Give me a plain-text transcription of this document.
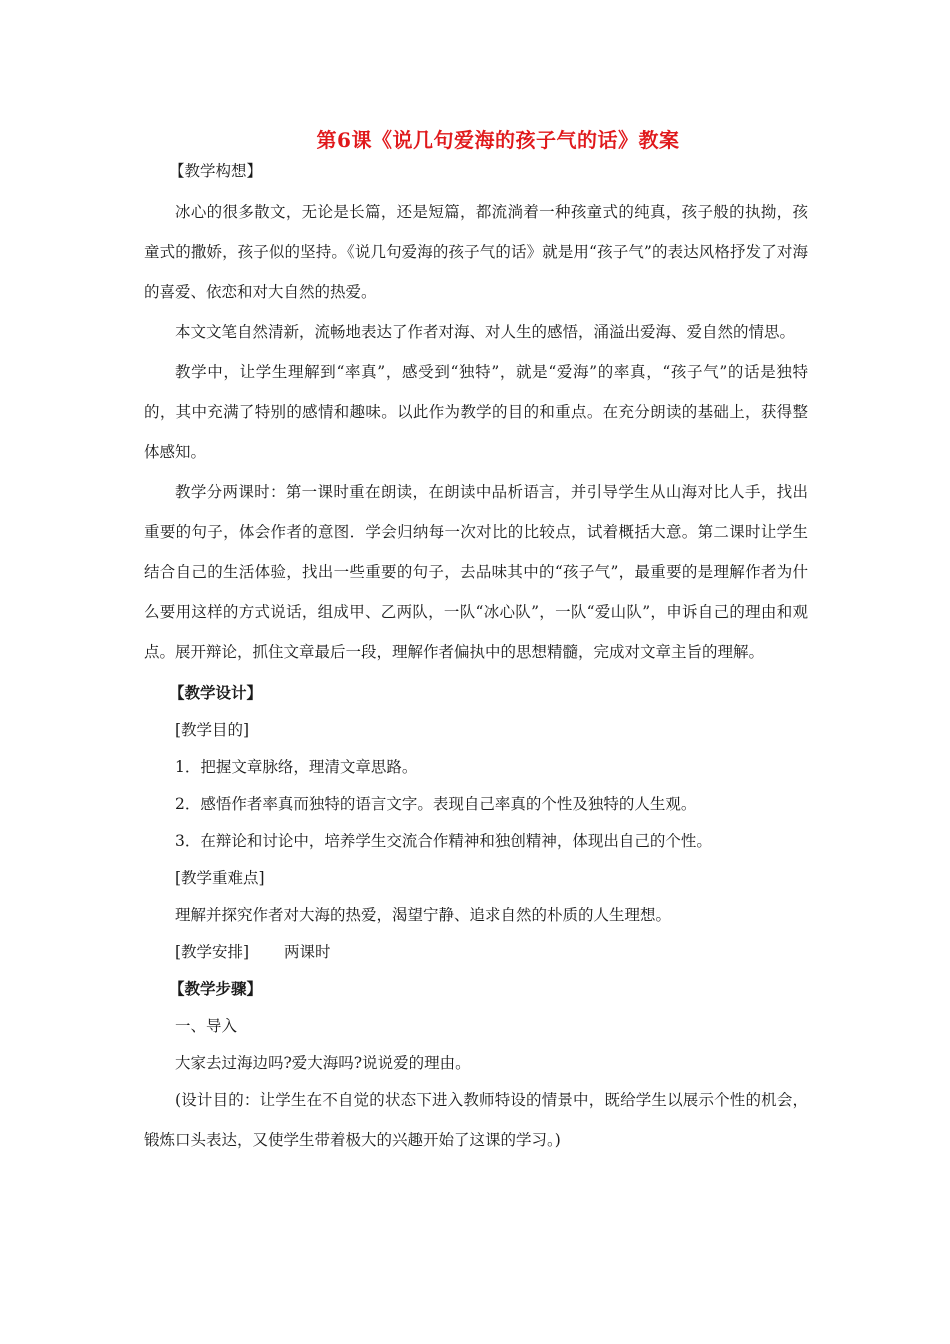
第6课《说几句爱海的孩子气的话》教案
【教学构想】

冰心的很多散文，无论是长篇，还是短篇，都流淌着一种孩童式的纯真，孩子般的执拗，孩童式的撒娇，孩子似的坚持。《说几句爱海的孩子气的话》就是用“孩子气”的表达风格抒发了对海的喜爱、依恋和对大自然的热爱。

本文文笔自然清新，流畅地表达了作者对海、对人生的感悟，涌溢出爱海、爱自然的情思。

教学中，让学生理解到“率真”，感受到“独特”，就是“爱海”的率真，“孩子气”的话是独特的，其中充满了特别的感情和趣味。以此作为教学的目的和重点。在充分朗读的基础上，获得整体感知。

教学分两课时：第一课时重在朗读，在朗读中品析语言，并引导学生从山海对比人手，找出重要的句子，体会作者的意图．学会归纳每一次对比的比较点，试着概括大意。第二课时让学生结合自己的生活体验，找出一些重要的句子，去品味其中的“孩子气”，最重要的是理解作者为什么要用这样的方式说话，组成甲、乙两队，一队“冰心队”，一队“爱山队”，申诉自己的理由和观点。展开辩论，抓住文章最后一段，理解作者偏执中的思想精髓，完成对文章主旨的理解。

【教学设计】
[教学目的]
1．把握文章脉络，理清文章思路。
2．感悟作者率真而独特的语言文字。表现自己率真的个性及独特的人生观。
3．在辩论和讨论中，培养学生交流合作精神和独创精神，体现出自己的个性。
[教学重难点]
理解并探究作者对大海的热爱，渴望宁静、追求自然的朴质的人生理想。
[教学安排] 两课时
【教学步骤】
一、导入
大家去过海边吗?爱大海吗?说说爱的理由。

(设计目的：让学生在不自觉的状态下进入教师特设的情景中，既给学生以展示个性的机会，锻炼口头表达，又使学生带着极大的兴趣开始了这课的学习。)
